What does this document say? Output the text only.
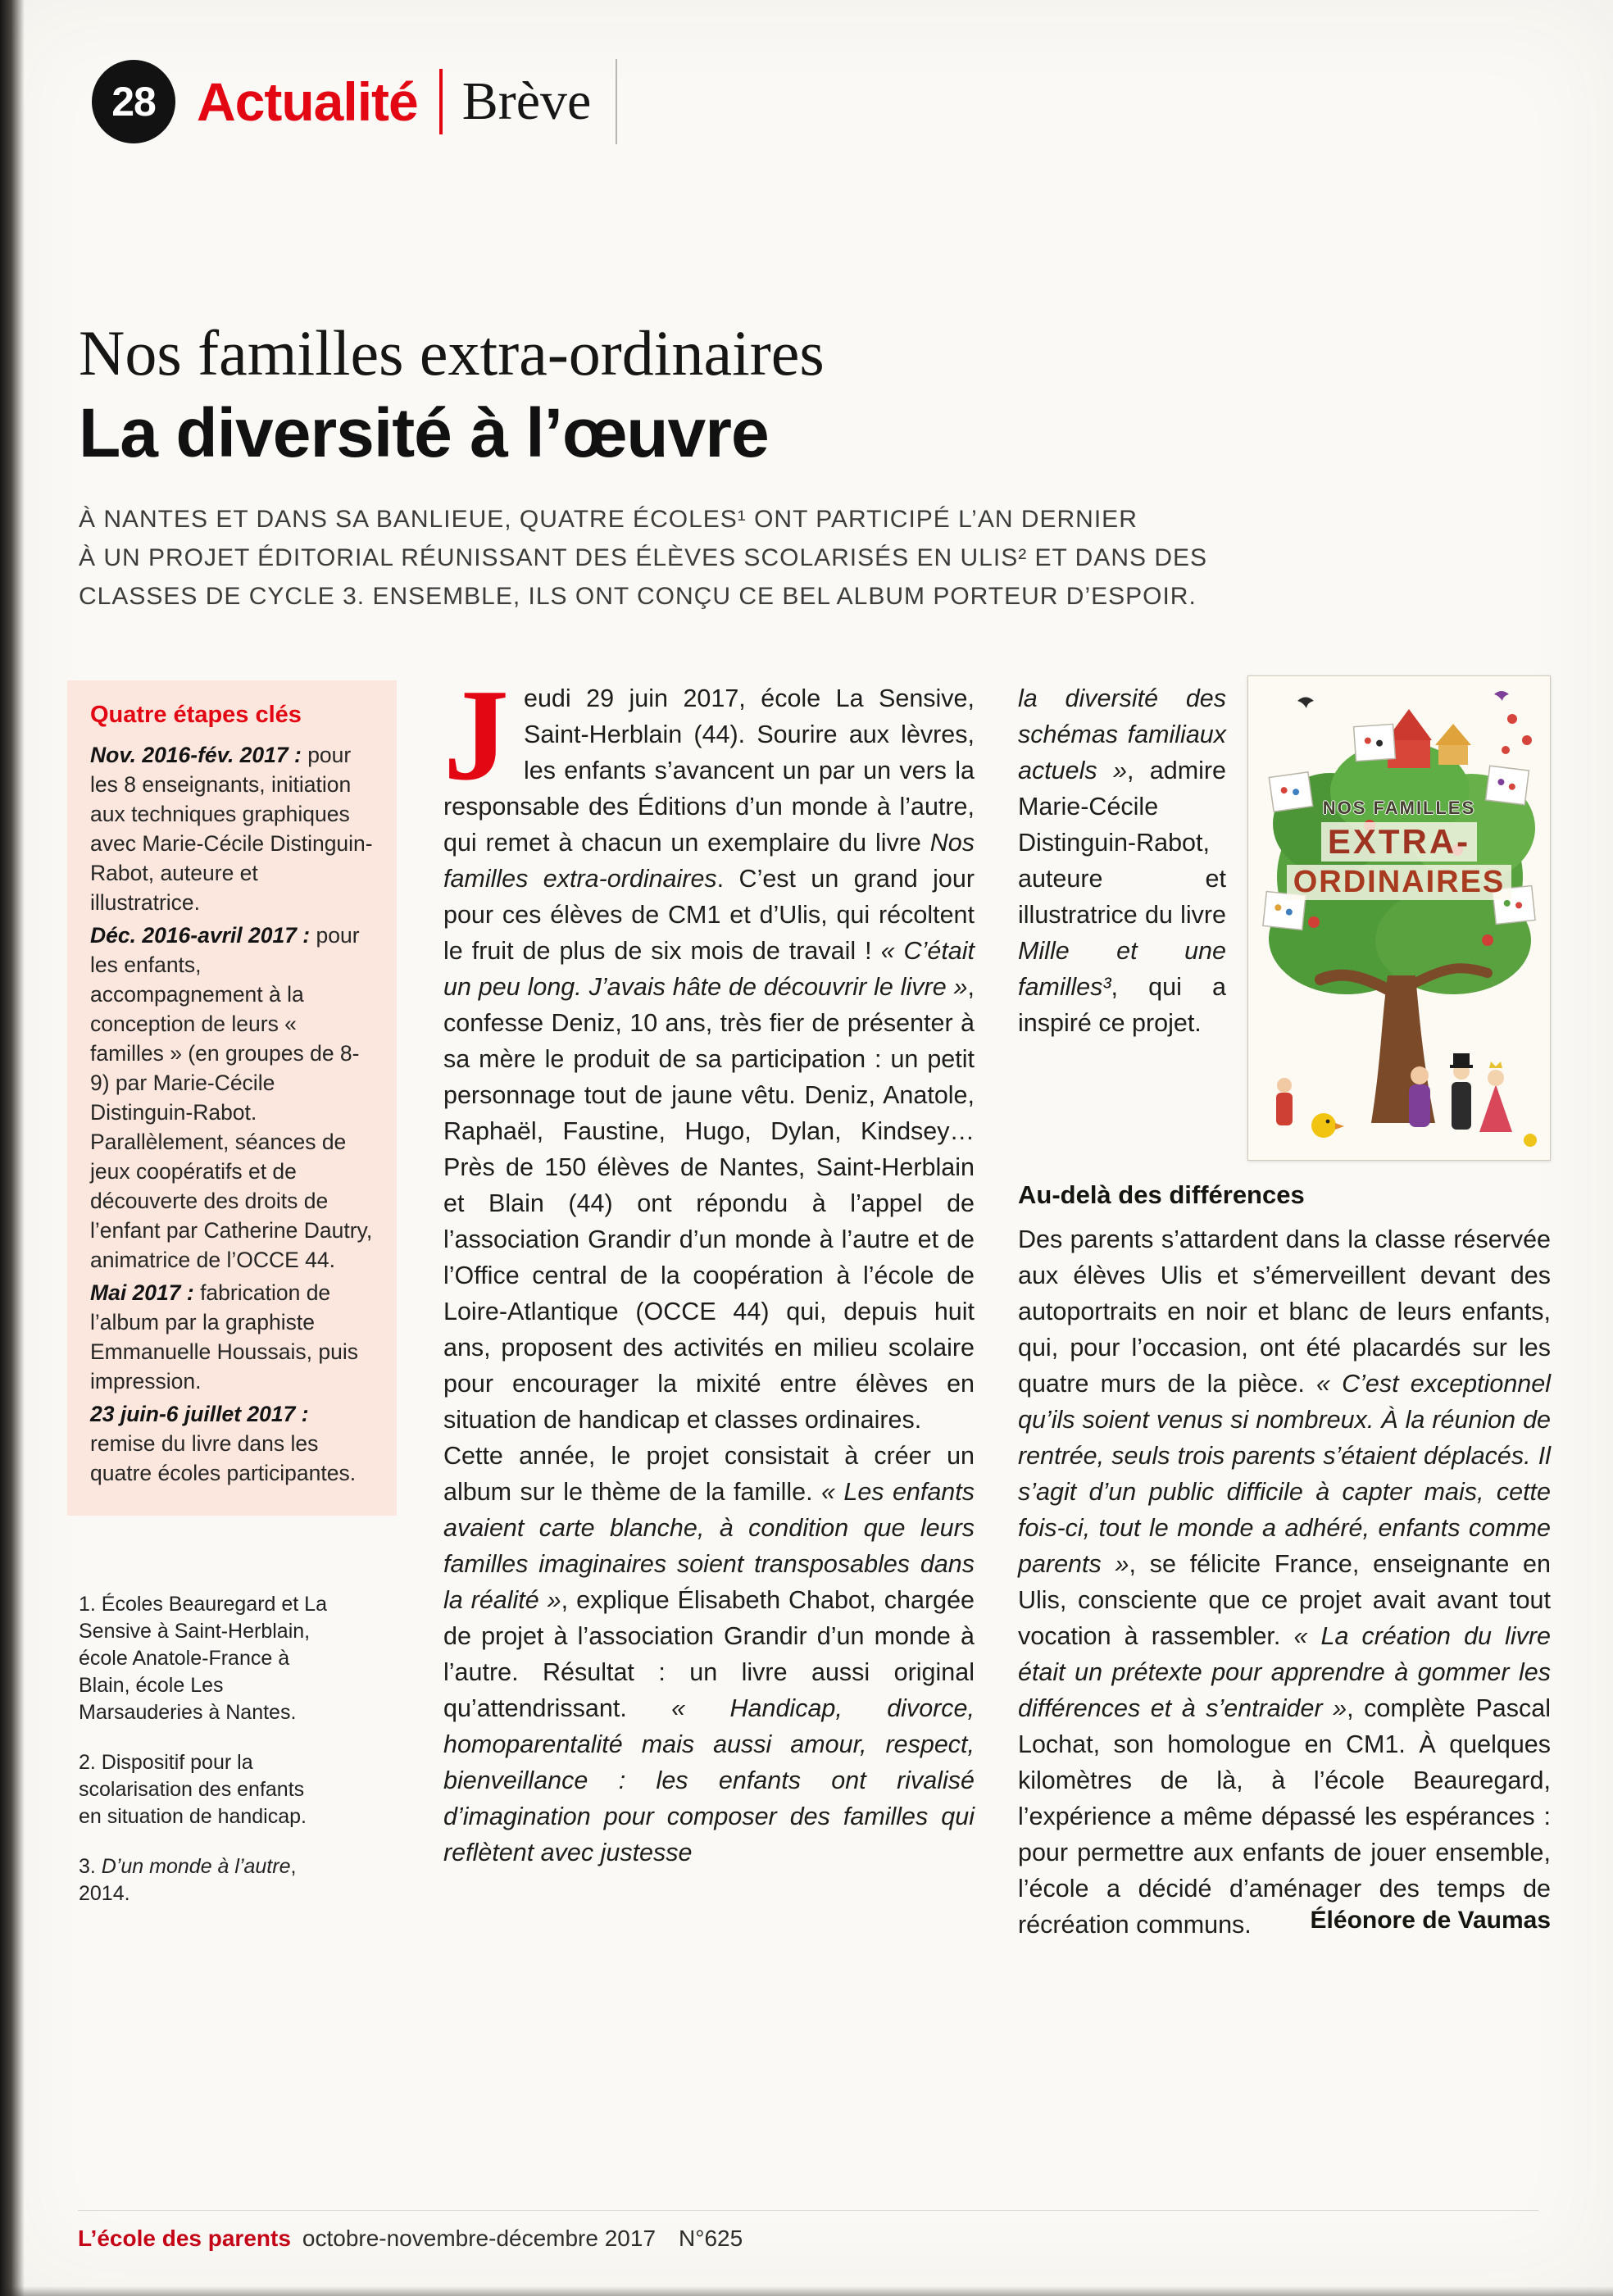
28 Actualité Brève
Nos familles extra-ordinaires
La diversité à l’œuvre
À NANTES ET DANS SA BANLIEUE, QUATRE ÉCOLES¹ ONT PARTICIPÉ L’AN DERNIER
À UN PROJET ÉDITORIAL RÉUNISSANT DES ÉLÈVES SCOLARISÉS EN ULIS² ET DANS DES
CLASSES DE CYCLE 3. ENSEMBLE, ILS ONT CONÇU CE BEL ALBUM PORTEUR D’ESPOIR.
Quatre étapes clés

Nov. 2016-fév. 2017 : pour les 8 enseignants, initiation aux techniques graphiques avec Marie-Cécile Distinguin-Rabot, auteure et illustratrice.

Déc. 2016-avril 2017 : pour les enfants, accompagnement à la conception de leurs « familles » (en groupes de 8-9) par Marie-Cécile Distinguin-Rabot. Parallèlement, séances de jeux coopératifs et de découverte des droits de l’enfant par Catherine Dautry, animatrice de l’OCCE 44.

Mai 2017 : fabrication de l’album par la graphiste Emmanuelle Houssais, puis impression.

23 juin-6 juillet 2017 : remise du livre dans les quatre écoles participantes.

1. Écoles Beauregard et La Sensive à Saint-Herblain, école Anatole-France à Blain, école Les Marsauderies à Nantes.

2. Dispositif pour la scolarisation des enfants en situation de handicap.

3. D’un monde à l’autre, 2014.

Jeudi 29 juin 2017, école La Sensive, Saint-Herblain (44). Sourire aux lèvres, les enfants s’avancent un par un vers la responsable des Éditions d’un monde à l’autre, qui remet à chacun un exemplaire du livre Nos familles extra-ordinaires. C’est un grand jour pour ces élèves de CM1 et d’Ulis, qui récoltent le fruit de plus de six mois de travail ! « C’était un peu long. J’avais hâte de découvrir le livre », confesse Deniz, 10 ans, très fier de présenter à sa mère le produit de sa participation : un petit personnage tout de jaune vêtu. Deniz, Anatole, Raphaël, Faustine, Hugo, Dylan, Kindsey… Près de 150 élèves de Nantes, Saint-Herblain et Blain (44) ont répondu à l’appel de l’association Grandir d’un monde à l’autre et de l’Office central de la coopération à l’école de Loire-Atlantique (OCCE 44) qui, depuis huit ans, proposent des activités en milieu scolaire pour encourager la mixité entre élèves en situation de handicap et classes ordinaires.

Cette année, le projet consistait à créer un album sur le thème de la famille. « Les enfants avaient carte blanche, à condition que leurs familles imaginaires soient transposables dans la réalité », explique Élisabeth Chabot, chargée de projet à l’association Grandir d’un monde à l’autre. Résultat : un livre aussi original qu’attendrissant. « Handicap, divorce, homoparentalité mais aussi amour, respect, bienveillance : les enfants ont rivalisé d’imagination pour composer des familles qui reflètent avec justesse

NOS FAMILLES
EXTRA-
ORDINAIRES

la diversité des schémas familiaux actuels », admire Marie-Cécile Distinguin-Rabot, auteure et illustratrice du livre Mille et une familles³, qui a inspiré ce projet.

Au-delà des différences

Des parents s’attardent dans la classe réservée aux élèves Ulis et s’émerveillent devant des autoportraits en noir et blanc de leurs enfants, qui, pour l’occasion, ont été placardés sur les quatre murs de la pièce. « C’est exceptionnel qu’ils soient venus si nombreux. À la réunion de rentrée, seuls trois parents s’étaient déplacés. Il s’agit d’un public difficile à capter mais, cette fois-ci, tout le monde a adhéré, enfants comme parents », se félicite France, enseignante en Ulis, consciente que ce projet avait avant tout vocation à rassembler. « La création du livre était un prétexte pour apprendre à gommer les différences et à s’entraider », complète Pascal Lochat, son homologue en CM1. À quelques kilomètres de là, à l’école Beauregard, l’expérience a même dépassé les espérances : pour permettre aux enfants de jouer ensemble, l’école a décidé d’aménager des temps de récréation communs.	Éléonore de Vaumas

L’école des parents octobre-novembre-décembre 2017 N°625
